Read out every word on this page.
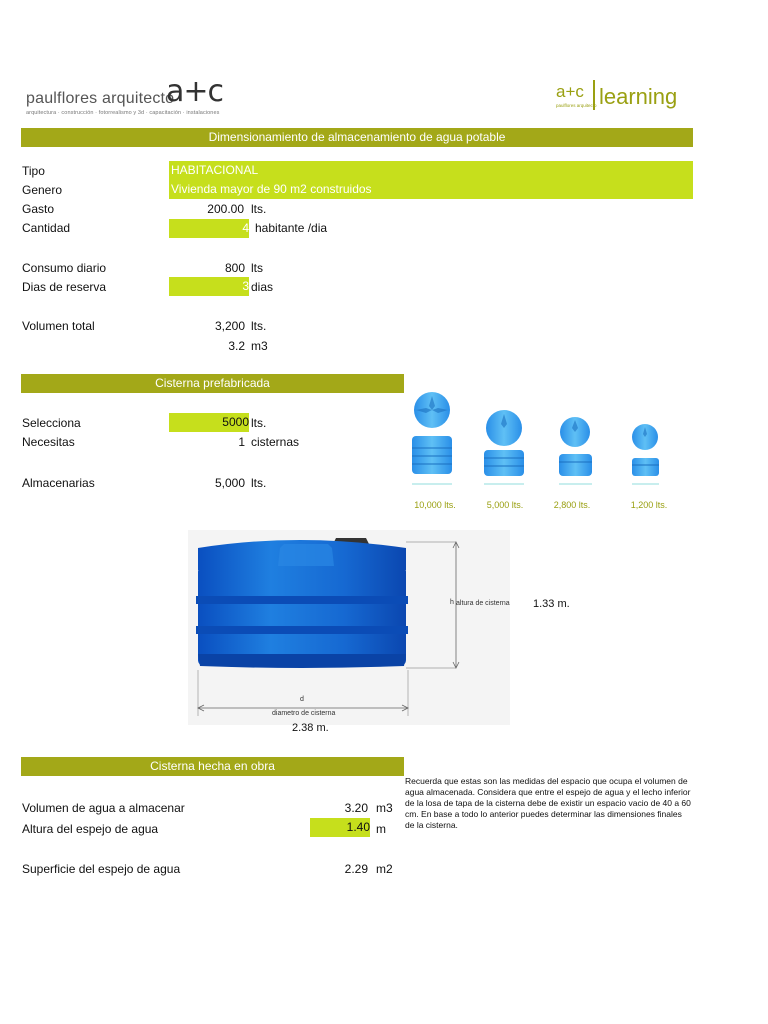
paulflores arquitecto
a+c
arquitectura · construcción · fotorrealismo y 3d · capacitación · instalaciones
a+c learning
paulflores arquitecto
Dimensionamiento de almacenamiento de agua potable
Tipo	HABITACIONAL
Genero	Vivienda mayor de 90 m2 construidos
Gasto	200.00 lts.
Cantidad	4 habitante /dia
Consumo diario	800 lts
Dias de reserva	3 dias
Volumen total	3,200 lts.
3.2 m3
Cisterna prefabricada
Selecciona	5000 lts.
Necesitas	1 cisternas
Almacenarias	5,000 lts.
10,000 lts.	5,000 lts.	2,800 lts.	1,200 lts.
h altura de cisterna
d
diametro de cisterna
1.33 m.
2.38 m.
Cisterna hecha en obra
Volumen de agua a almacenar	3.20 m3
Altura del espejo de agua	1.40 m
Superficie del espejo de agua	2.29 m2

Recuerda que estas son las medidas del espacio que ocupa el volumen de agua almacenada. Considera que entre el espejo de agua y el lecho inferior de la losa de tapa de la cisterna debe de existir un espacio vacio de 40 a 60 cm. En base a todo lo anterior puedes determinar las dimensiones finales de la cisterna.
